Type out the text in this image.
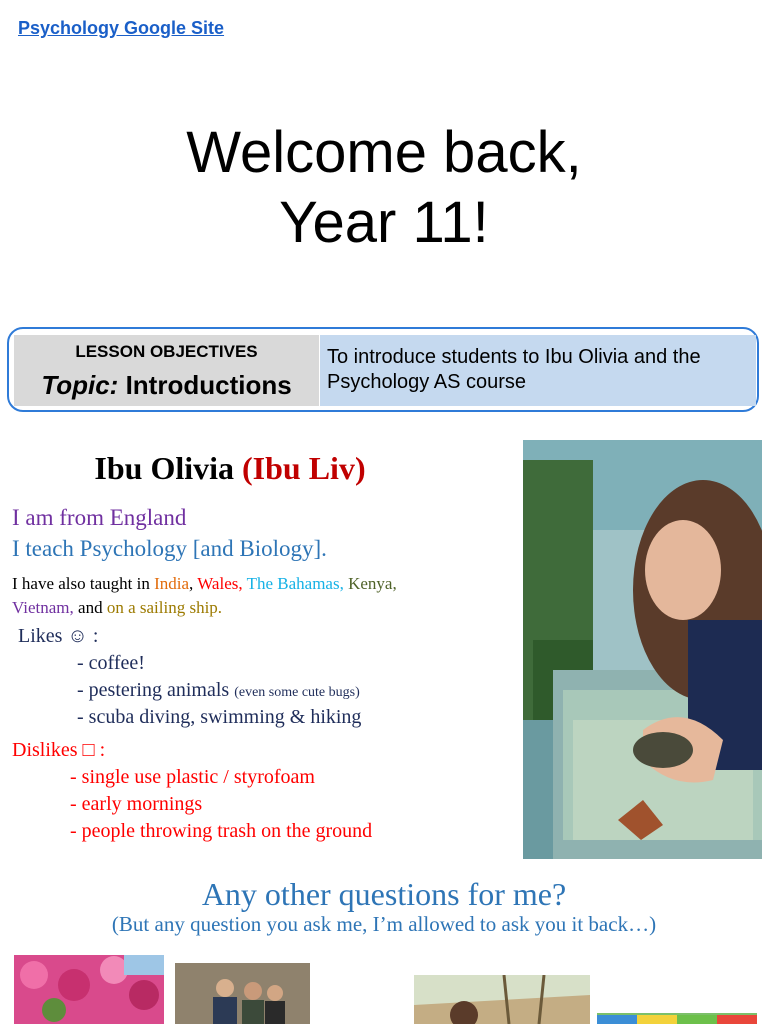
Psychology Google Site
Welcome back,
Year 11!
LESSON OBJECTIVES
Topic: Introductions
To introduce students to Ibu Olivia and the Psychology AS course
Ibu Olivia (Ibu Liv)
I am from England
I teach Psychology [and Biology].
I have also taught in India, Wales, The Bahamas, Kenya,
Vietnam, and on a sailing ship.
Likes ☺ :
- coffee!
- pestering animals (even some cute bugs)
- scuba diving, swimming & hiking
Dislikes □ :
- single use plastic / styrofoam
- early mornings
- people throwing trash on the ground
Any other questions for me?
(But any question you ask me, I’m allowed to ask you it back…)
